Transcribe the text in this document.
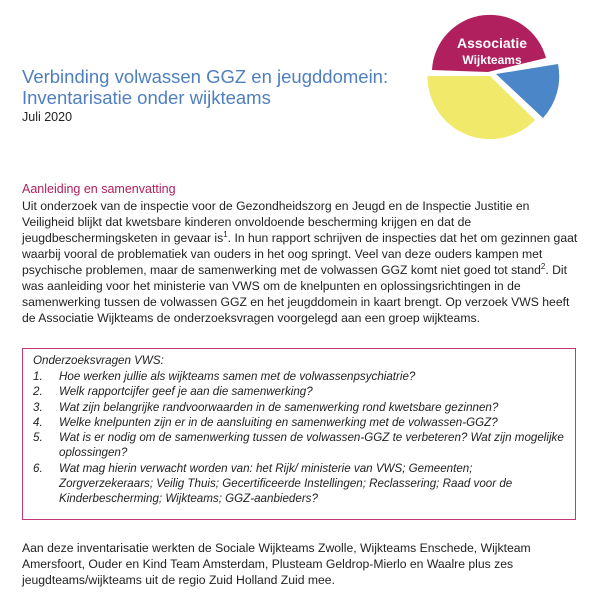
Associatie
Wijkteams
Verbinding volwassen GGZ en jeugddomein:
Inventarisatie onder wijkteams
Juli 2020
Aanleiding en samenvatting
Uit onderzoek van de inspectie voor de Gezondheidszorg en Jeugd en de Inspectie Justitie en Veiligheid blijkt dat kwetsbare kinderen onvoldoende bescherming krijgen en dat de jeugdbeschermingsketen in gevaar $is^1$. In hun rapport schrijven de inspecties dat het om gezinnen gaat waarbij vooral de problematiek van ouders in het oog springt. Veel van deze ouders kampen met psychische problemen, maar de samenwerking met de volwassen GGZ komt niet goed tot stand$^2$. Dit was aanleiding voor het ministerie van VWS om de knelpunten en oplossingsrichtingen in de samenwerking tussen de volwassen GGZ en het jeugddomein in kaart brengt. Op verzoek VWS heeft de Associatie Wijkteams de onderzoeksvragen voorgelegd aan een groep wijkteams.
Onderzoeksvragen VWS:
1.	Hoe werken jullie als wijkteams samen met de volwassenpsychiatrie?
2.	Welk rapportcijfer geef je aan die samenwerking?
3.	Wat zijn belangrijke randvoorwaarden in de samenwerking rond kwetsbare gezinnen?
4.	Welke knelpunten zijn er in de aansluiting en samenwerking met de volwassen-GGZ?
5.	Wat is er nodig om de samenwerking tussen de volwassen-GGZ te verbeteren? Wat zijn mogelijke oplossingen?
6.	Wat mag hierin verwacht worden van: het Rijk/ ministerie van VWS; Gemeenten; Zorgverzekeraars; Veilig Thuis; Gecertificeerde Instellingen; Reclassering; Raad voor de Kinderbescherming; Wijkteams; GGZ-aanbieders?
Aan deze inventarisatie werkten de Sociale Wijkteams Zwolle, Wijkteams Enschede, Wijkteam Amersfoort, Ouder en Kind Team Amsterdam, Plusteam Geldrop-Mierlo en Waalre plus zes jeugdteams/wijkteams uit de regio Zuid Holland Zuid mee.
